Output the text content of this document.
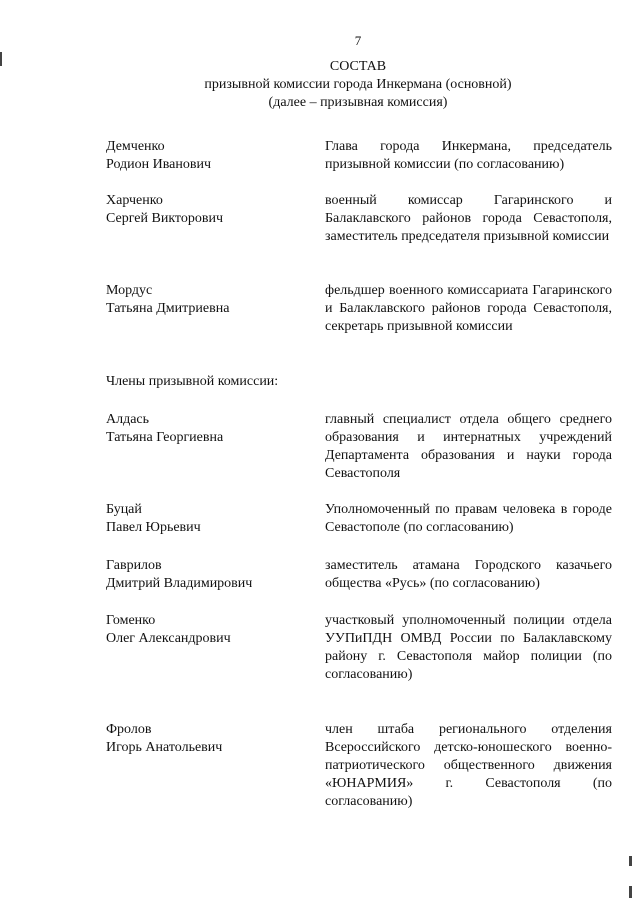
7
СОСТАВ
призывной комиссии города Инкермана (основной)
(далее – призывная комиссия)
Демченко
Родион Иванович
Глава города Инкермана, председатель призывной комиссии (по согласованию)
Харченко
Сергей Викторович
военный комиссар Гагаринского и Балаклавского районов города Севастополя, заместитель председателя призывной комиссии
Мордус
Татьяна Дмитриевна
фельдшер военного комиссариата Гагаринского и Балаклавского районов города Севастополя, секретарь призывной комиссии
Члены призывной комиссии:
Алдась
Татьяна Георгиевна
главный специалист отдела общего среднего образования и интернатных учреждений Департамента образования и науки города Севастополя
Буцай
Павел Юрьевич
Уполномоченный по правам человека в городе Севастополе (по согласованию)
Гаврилов
Дмитрий Владимирович
заместитель атамана Городского казачьего общества «Русь» (по согласованию)
Гоменко
Олег Александрович
участковый уполномоченный полиции отдела УУПиПДН ОМВД России по Балаклавскому району г. Севастополя майор полиции (по согласованию)
Фролов
Игорь Анатольевич
член штаба регионального отделения Всероссийского детско-юношеского военно-патриотического общественного движения «ЮНАРМИЯ» г. Севастополя (по согласованию)
